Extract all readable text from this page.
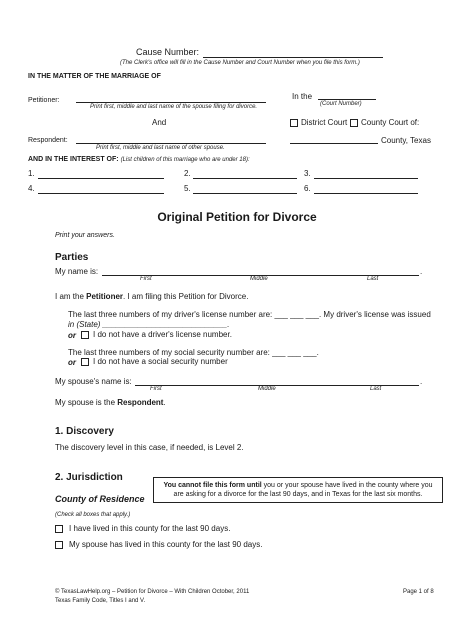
Cause Number:
(The Clerk's office will fill in the Cause Number and Court Number when you file this form.)
IN THE MATTER OF THE MARRIAGE OF
Petitioner:
Print first, middle and last name of the spouse filing for divorce.
In the
(Court Number)
And	District Court County Court of:
Respondent:
Print first, middle and last name of other spouse.
County, Texas
AND IN THE INTEREST OF: (List children of this marriage who are under 18):
1.	2.	3.
4.	5.	6.
Original Petition for Divorce
Print your answers.
Parties
My name is:	.
First	Middle	Last
I am the Petitioner. I am filing this Petition for Divorce.
The last three numbers of my driver's license number are: ___ ___ ___. My driver's license was issued
in (State) ____________________________.
or I do not have a driver's license number.
The last three numbers of my social security number are: ___ ___ ___.
or I do not have a social security number
My spouse's name is:	.
First	Middle	Last
My spouse is the Respondent.
1. Discovery
The discovery level in this case, if needed, is Level 2.
2. Jurisdiction
You cannot file this form until you or your spouse have lived in the county where you are asking for a divorce for the last 90 days, and in Texas for the last six months.
County of Residence
(Check all boxes that apply.)
I have lived in this county for the last 90 days.
My spouse has lived in this county for the last 90 days.
© TexasLawHelp.org – Petition for Divorce – With Children October, 2011
Texas Family Code, Titles I and V.
Page 1 of 8
